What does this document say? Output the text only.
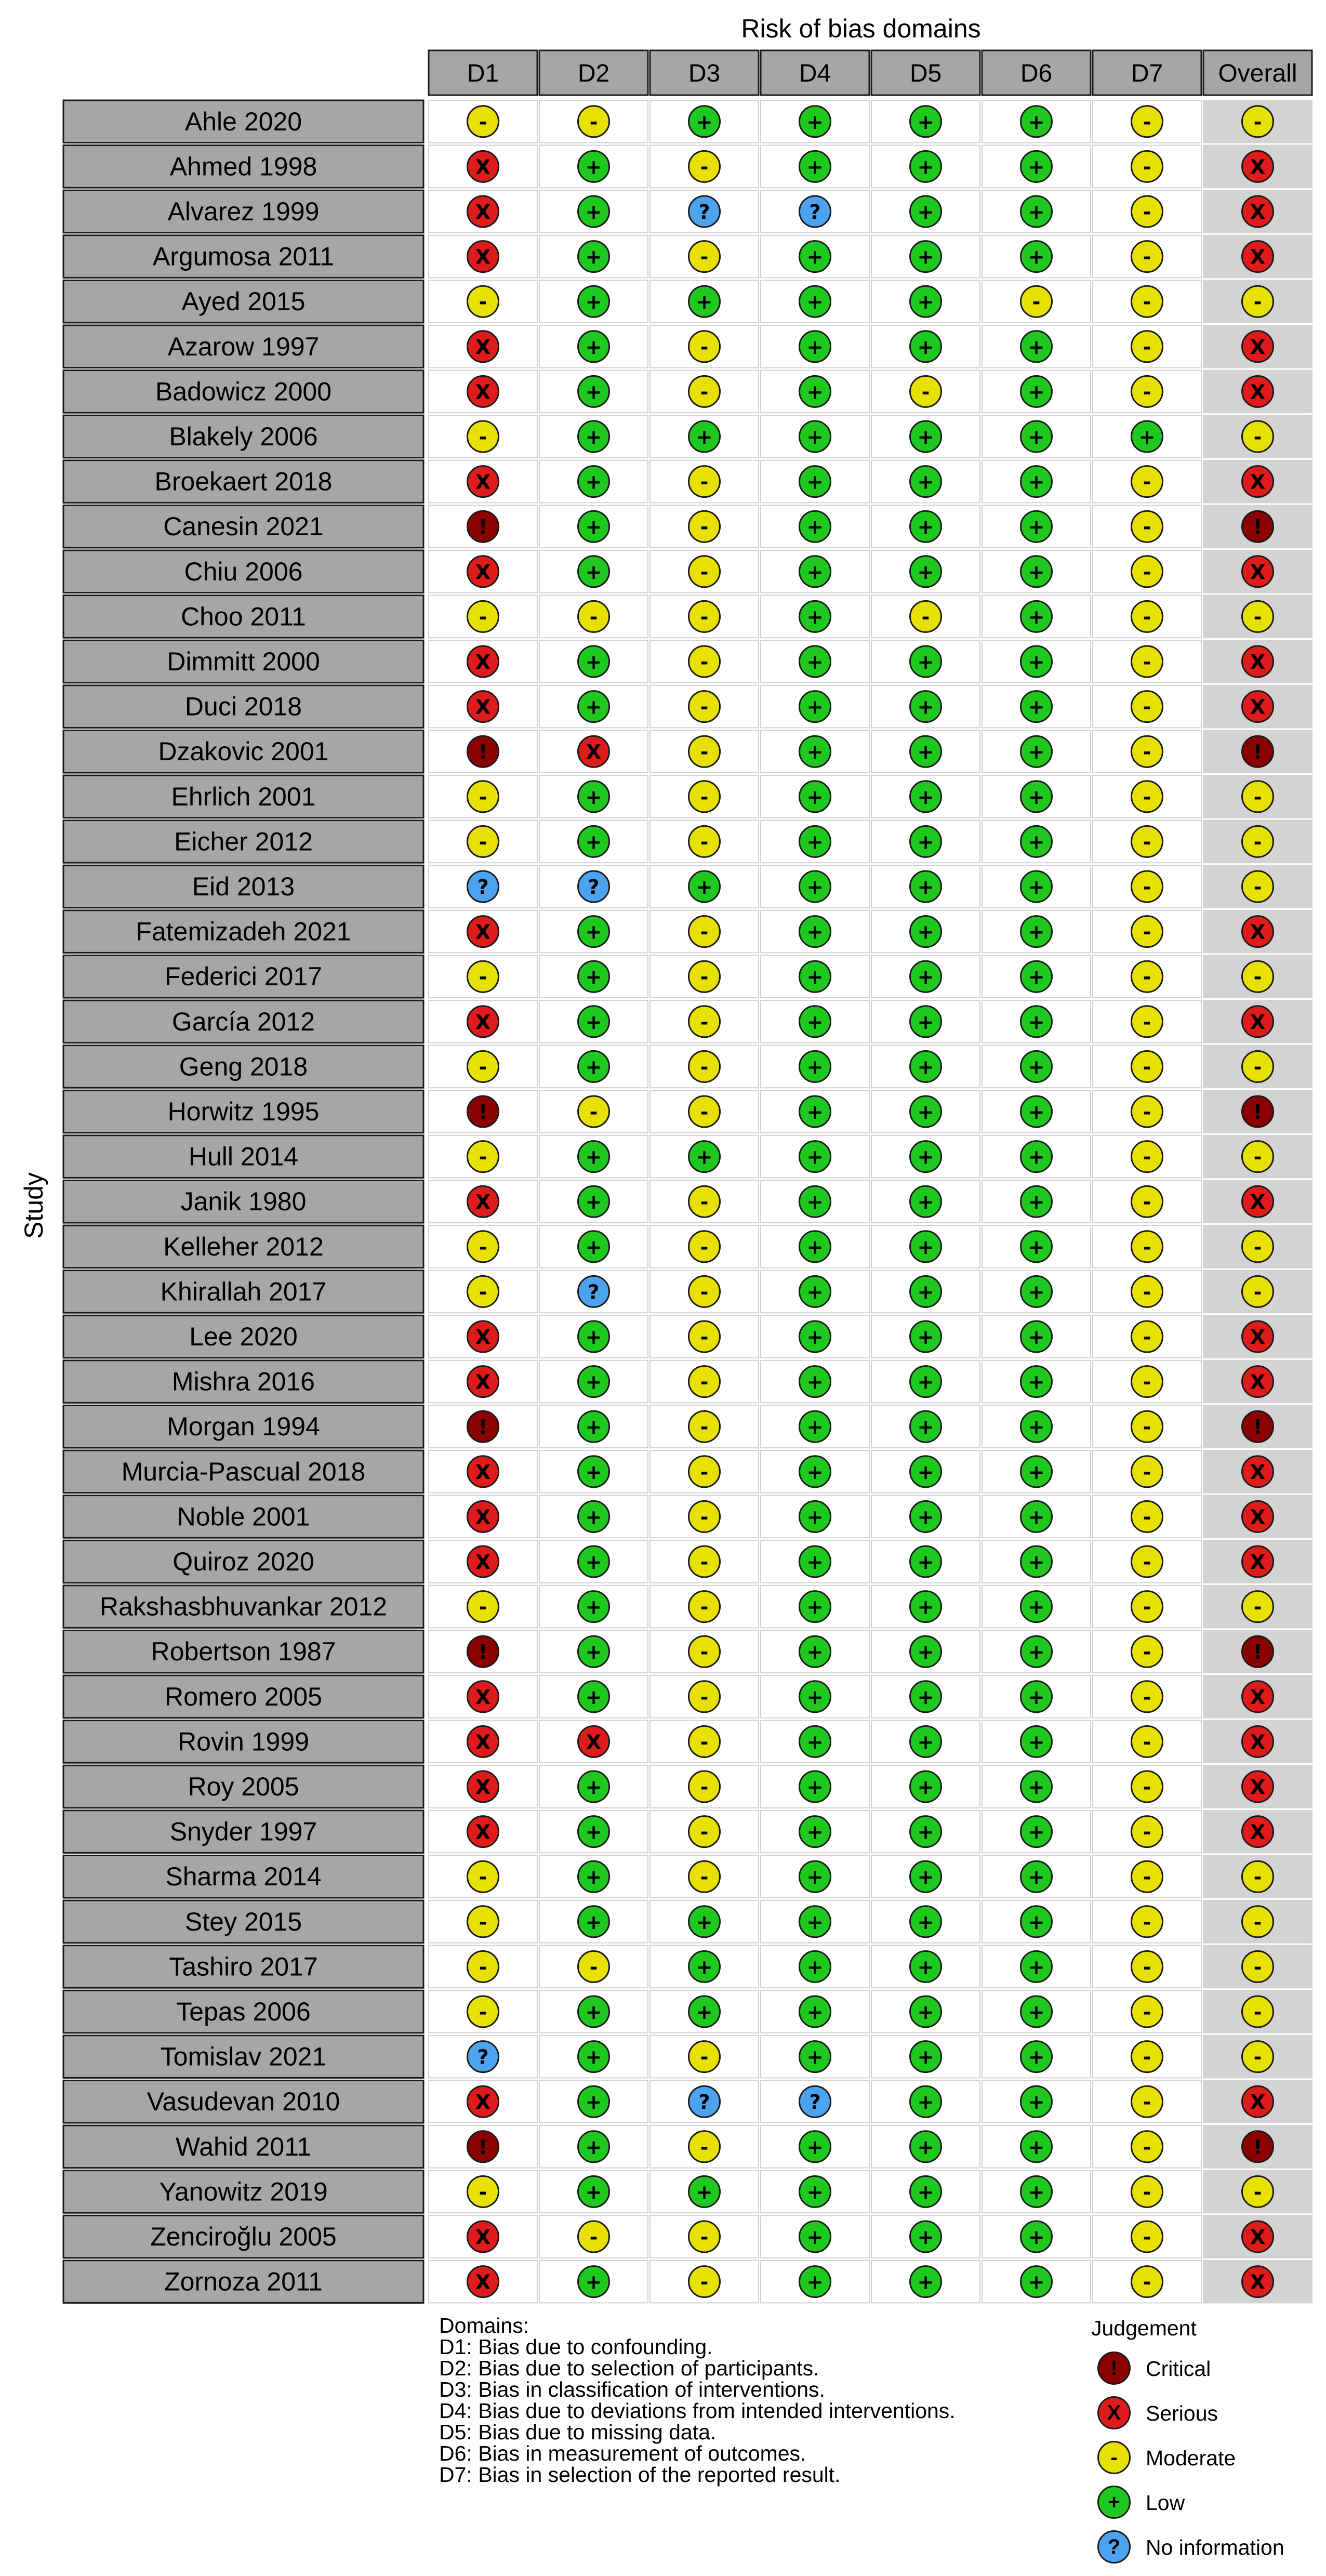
Risk of bias domains
Study
D1	D2	D3	D4	D5	D6	D7 Overall
Ahle 2020	-	-	+	+	+	+	-	-
Ahmed 1998	X	+	-	+	+	+	-	X
Alvarez 1999	X	+	?	?	+	+	-	X
Argumosa 2011	X	+	-	+	+	+	-	X
Ayed 2015	-	+	+	+	+	-	-	-
Azarow 1997	X	+	-	+	+	+	-	X
Badowicz 2000	X	+	-	+	-	+	-	X
Blakely 2006	-	+	+	+	+	+	+	-
Broekaert 2018	X	+	-	+	+	+	-	X
Canesin 2021	!	+	-	+	+	+	-	!
Chiu 2006	X	+	-	+	+	+	-	X
Choo 2011	-	-	-	+	-	+	-	-
Dimmitt 2000	X	+	-	+	+	+	-	X
Duci 2018	X	+	-	+	+	+	-	X
Dzakovic 2001	!	X	-	+	+	+	-	!
Ehrlich 2001	-	+	-	+	+	+	-	-
Eicher 2012	-	+	-	+	+	+	-	-
Eid 2013	?	?	+	+	+	+	-	-
Fatemizadeh 2021	X	+	-	+	+	+	-	X
Federici 2017	-	+	-	+	+	+	-	-
García 2012	X	+	-	+	+	+	-	X
Geng 2018	-	+	-	+	+	+	-	-
Horwitz 1995	!	-	-	+	+	+	-	!
Hull 2014	-	+	+	+	+	+	-	-
Janik 1980	X	+	-	+	+	+	-	X
Kelleher 2012	-	+	-	+	+	+	-	-
Khirallah 2017	-	?	-	+	+	+	-	-
Lee 2020	X	+	-	+	+	+	-	X
Mishra 2016	X	+	-	+	+	+	-	X
Morgan 1994	!	+	-	+	+	+	-	!
Murcia-Pascual 2018	X	+	-	+	+	+	-	X
Noble 2001	X	+	-	+	+	+	-	X
Quiroz 2020	X	+	-	+	+	+	-	X
Rakshasbhuvankar 2012	-	+	-	+	+	+	-	-
Robertson 1987	!	+	-	+	+	+	-	!
Romero 2005	X	+	-	+	+	+	-	X
Rovin 1999	X	X	-	+	+	+	-	X
Roy 2005	X	+	-	+	+	+	-	X
Snyder 1997	X	+	-	+	+	+	-	X
Sharma 2014	-	+	-	+	+	+	-	-
Stey 2015	-	+	+	+	+	+	-	-
Tashiro 2017	-	-	+	+	+	+	-	-
Tepas 2006	-	+	+	+	+	+	-	-
Tomislav 2021	?	+	-	+	+	+	-	-
Vasudevan 2010	X	+	?	?	+	+	-	X
Wahid 2011	!	+	-	+	+	+	-	!
Yanowitz 2019	-	+	+	+	+	+	-	-
Zenciroğlu 2005	X	-	-	+	+	+	-	X
Zornoza 2011	X	+	-	+	+	+	-	X
Domains:
D1: Bias due to confounding.
D2: Bias due to selection of participants.
D3: Bias in classification of interventions.
D4: Bias due to deviations from intended interventions.
D5: Bias due to missing data.
D6: Bias in measurement of outcomes.
D7: Bias in selection of the reported result.
Judgement
!	Critical
X	Serious
-	Moderate
+	Low
?	No information
